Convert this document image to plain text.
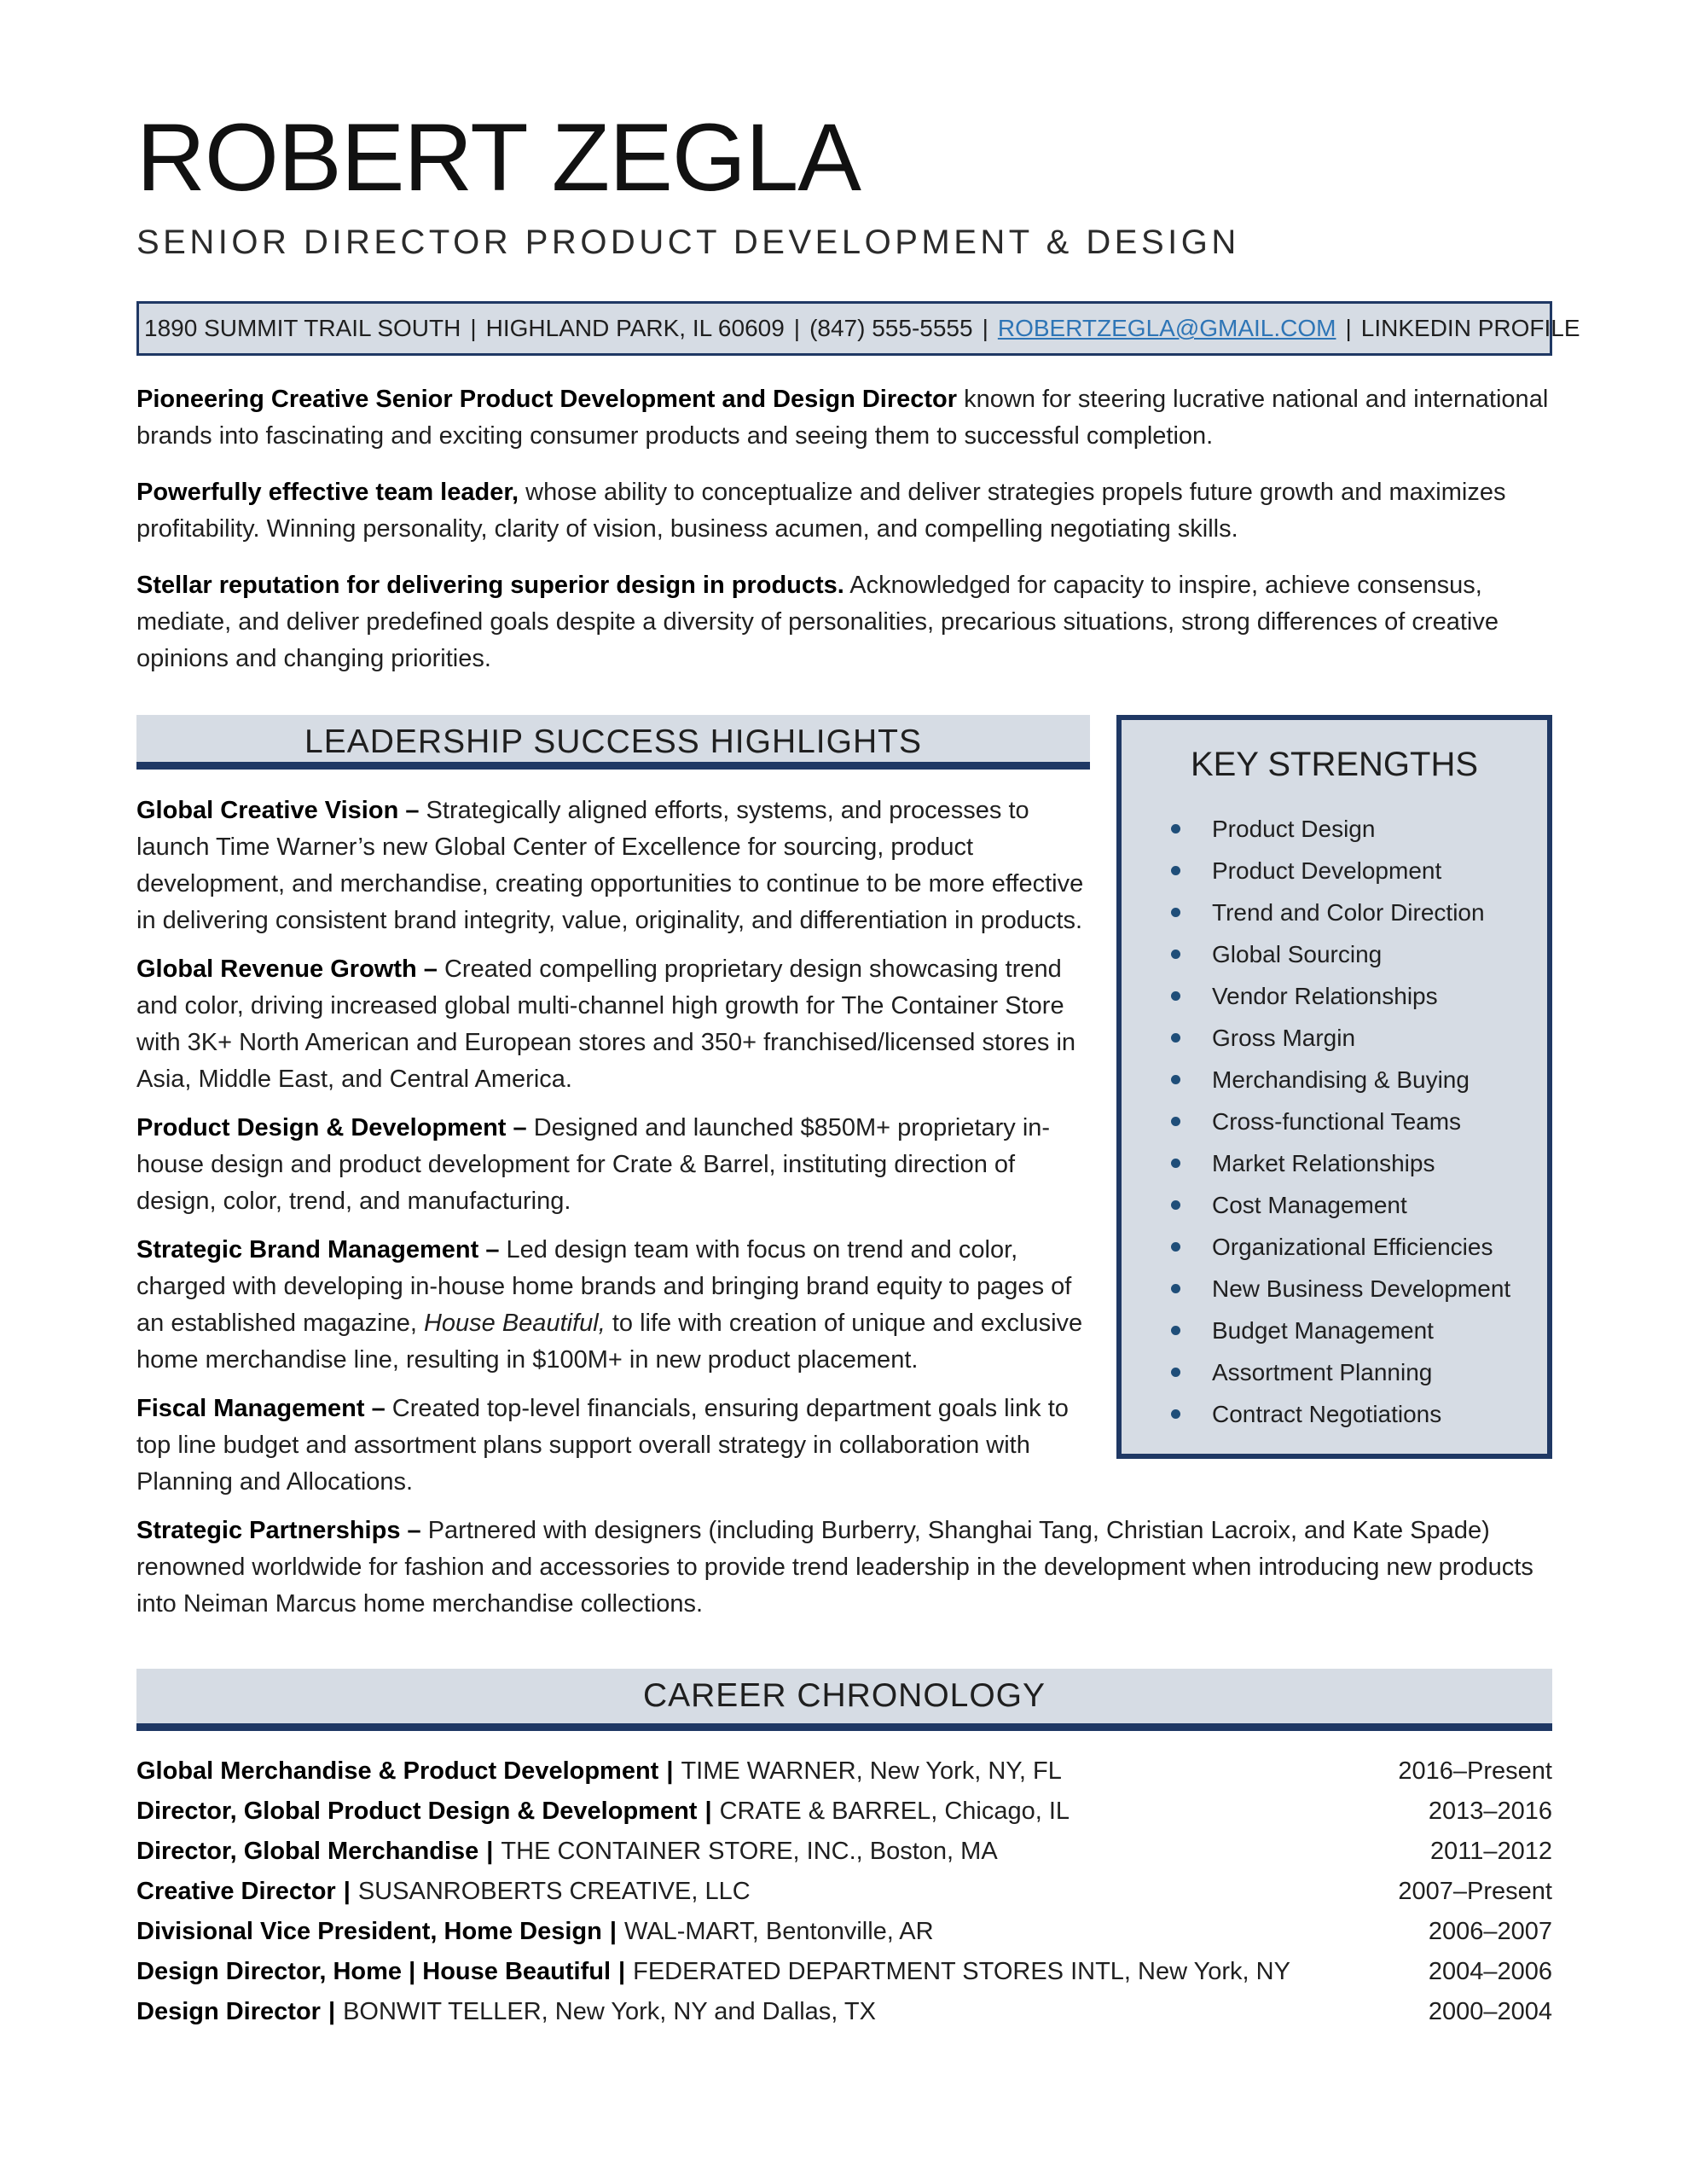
ROBERT ZEGLA
SENIOR DIRECTOR PRODUCT DEVELOPMENT & DESIGN
1890 SUMMIT TRAIL SOUTH | HIGHLAND PARK, IL 60609 | (847) 555-5555 | ROBERTZEGLA@GMAIL.COM | LINKEDIN PROFILE

Pioneering Creative Senior Product Development and Design Director known for steering lucrative national and international brands into fascinating and exciting consumer products and seeing them to successful completion.

Powerfully effective team leader, whose ability to conceptualize and deliver strategies propels future growth and maximizes profitability. Winning personality, clarity of vision, business acumen, and compelling negotiating skills.

Stellar reputation for delivering superior design in products. Acknowledged for capacity to inspire, achieve consensus, mediate, and deliver predefined goals despite a diversity of personalities, precarious situations, strong differences of creative opinions and changing priorities.

KEY STRENGTHS
Product Design
Product Development
Trend and Color Direction
Global Sourcing
Vendor Relationships
Gross Margin
Merchandising & Buying
Cross-functional Teams
Market Relationships
Cost Management
Organizational Efficiencies
New Business Development
Budget Management
Assortment Planning
Contract Negotiations
LEADERSHIP SUCCESS HIGHLIGHTS

Global Creative Vision – Strategically aligned efforts, systems, and processes to launch Time Warner’s new Global Center of Excellence for sourcing, product development, and merchandise, creating opportunities to continue to be more effective in delivering consistent brand integrity, value, originality, and differentiation in products.

Global Revenue Growth – Created compelling proprietary design showcasing trend and color, driving increased global multi-channel high growth for The Container Store with 3K+ North American and European stores and 350+ franchised/licensed stores in Asia, Middle East, and Central America.

Product Design & Development – Designed and launched $850M+ proprietary in-house design and product development for Crate & Barrel, instituting direction of design, color, trend, and manufacturing.

Strategic Brand Management – Led design team with focus on trend and color, charged with developing in-house home brands and bringing brand equity to pages of an established magazine, House Beautiful, to life with creation of unique and exclusive home merchandise line, resulting in $100M+ in new product placement.

Fiscal Management – Created top-level financials, ensuring department goals link to top line budget and assortment plans support overall strategy in collaboration with Planning and Allocations.

Strategic Partnerships – Partnered with designers (including Burberry, Shanghai Tang, Christian Lacroix, and Kate Spade) renowned worldwide for fashion and accessories to provide trend leadership in the development when introducing new products into Neiman Marcus home merchandise collections.

CAREER CHRONOLOGY
Global Merchandise & Product Development | TIME WARNER, New York, NY, FL	2016–Present
Director, Global Product Design & Development | CRATE & BARREL, Chicago, IL	2013–2016
Director, Global Merchandise | THE CONTAINER STORE, INC., Boston, MA	2011–2012
Creative Director | SUSANROBERTS CREATIVE, LLC	2007–Present
Divisional Vice President, Home Design | WAL-MART, Bentonville, AR	2006–2007
Design Director, Home | House Beautiful | FEDERATED DEPARTMENT STORES INTL, New York, NY	2004–2006
Design Director | BONWIT TELLER, New York, NY and Dallas, TX	2000–2004
